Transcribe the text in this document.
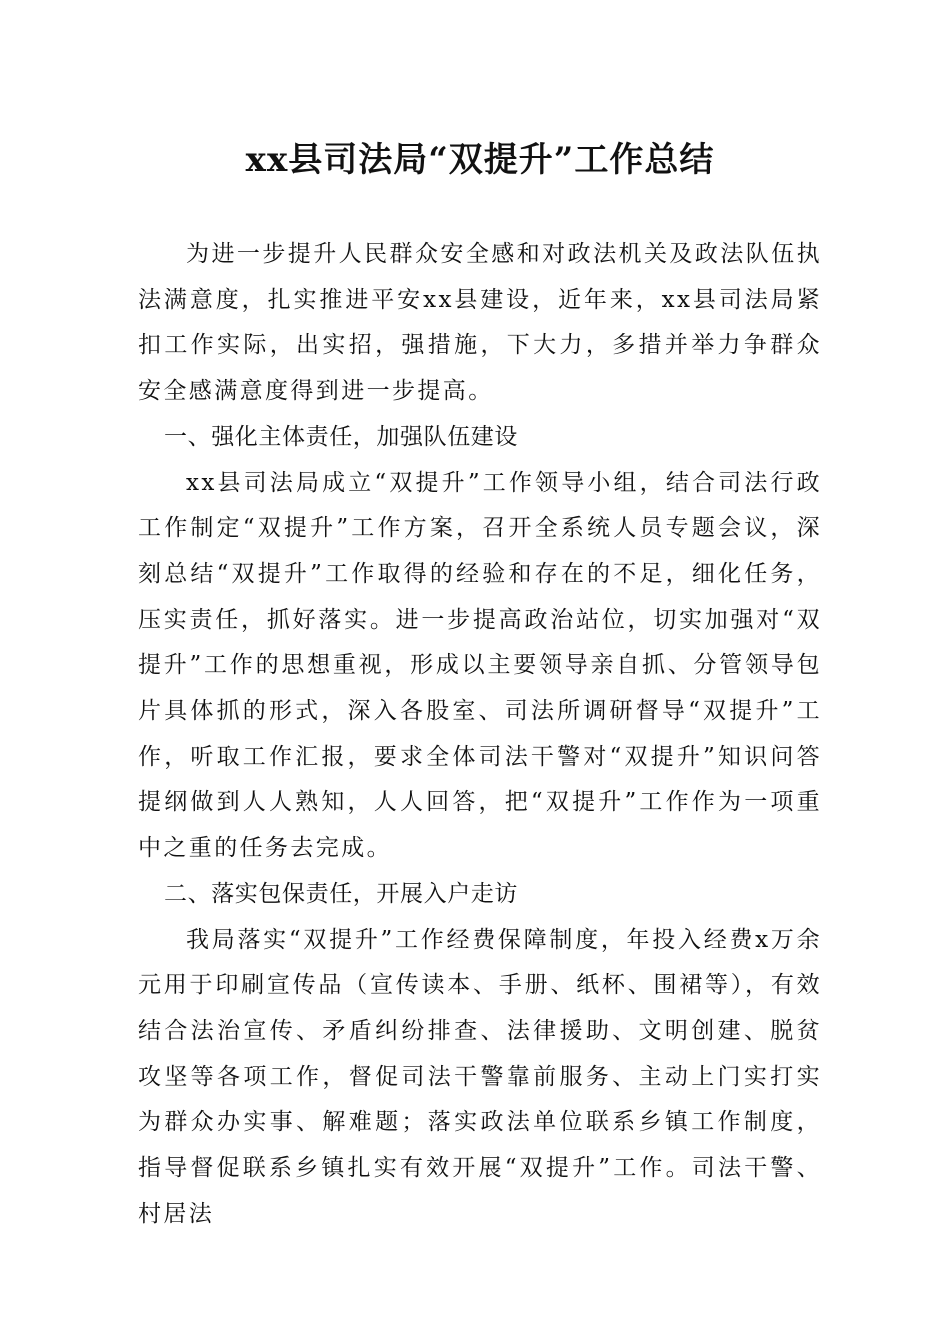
xx县司法局“双提升”工作总结

为进一步提升人民群众安全感和对政法机关及政法队伍执法满意度，扎实推进平安xx县建设，近年来，xx县司法局紧扣工作实际，出实招，强措施，下大力，多措并举力争群众安全感满意度得到进一步提高。

一、强化主体责任，加强队伍建设

xx县司法局成立“双提升”工作领导小组，结合司法行政工作制定“双提升”工作方案，召开全系统人员专题会议，深刻总结“双提升”工作取得的经验和存在的不足，细化任务，压实责任，抓好落实。进一步提高政治站位，切实加强对“双提升”工作的思想重视，形成以主要领导亲自抓、分管领导包片具体抓的形式，深入各股室、司法所调研督导“双提升”工作，听取工作汇报，要求全体司法干警对“双提升”知识问答提纲做到人人熟知，人人回答，把“双提升”工作作为一项重中之重的任务去完成。

二、落实包保责任，开展入户走访

我局落实“双提升”工作经费保障制度，年投入经费x万余元用于印刷宣传品（宣传读本、手册、纸杯、围裙等），有效结合法治宣传、矛盾纠纷排查、法律援助、文明创建、脱贫攻坚等各项工作，督促司法干警靠前服务、主动上门实打实为群众办实事、解难题；落实政法单位联系乡镇工作制度，指导督促联系乡镇扎实有效开展“双提升”工作。司法干警、村居法
